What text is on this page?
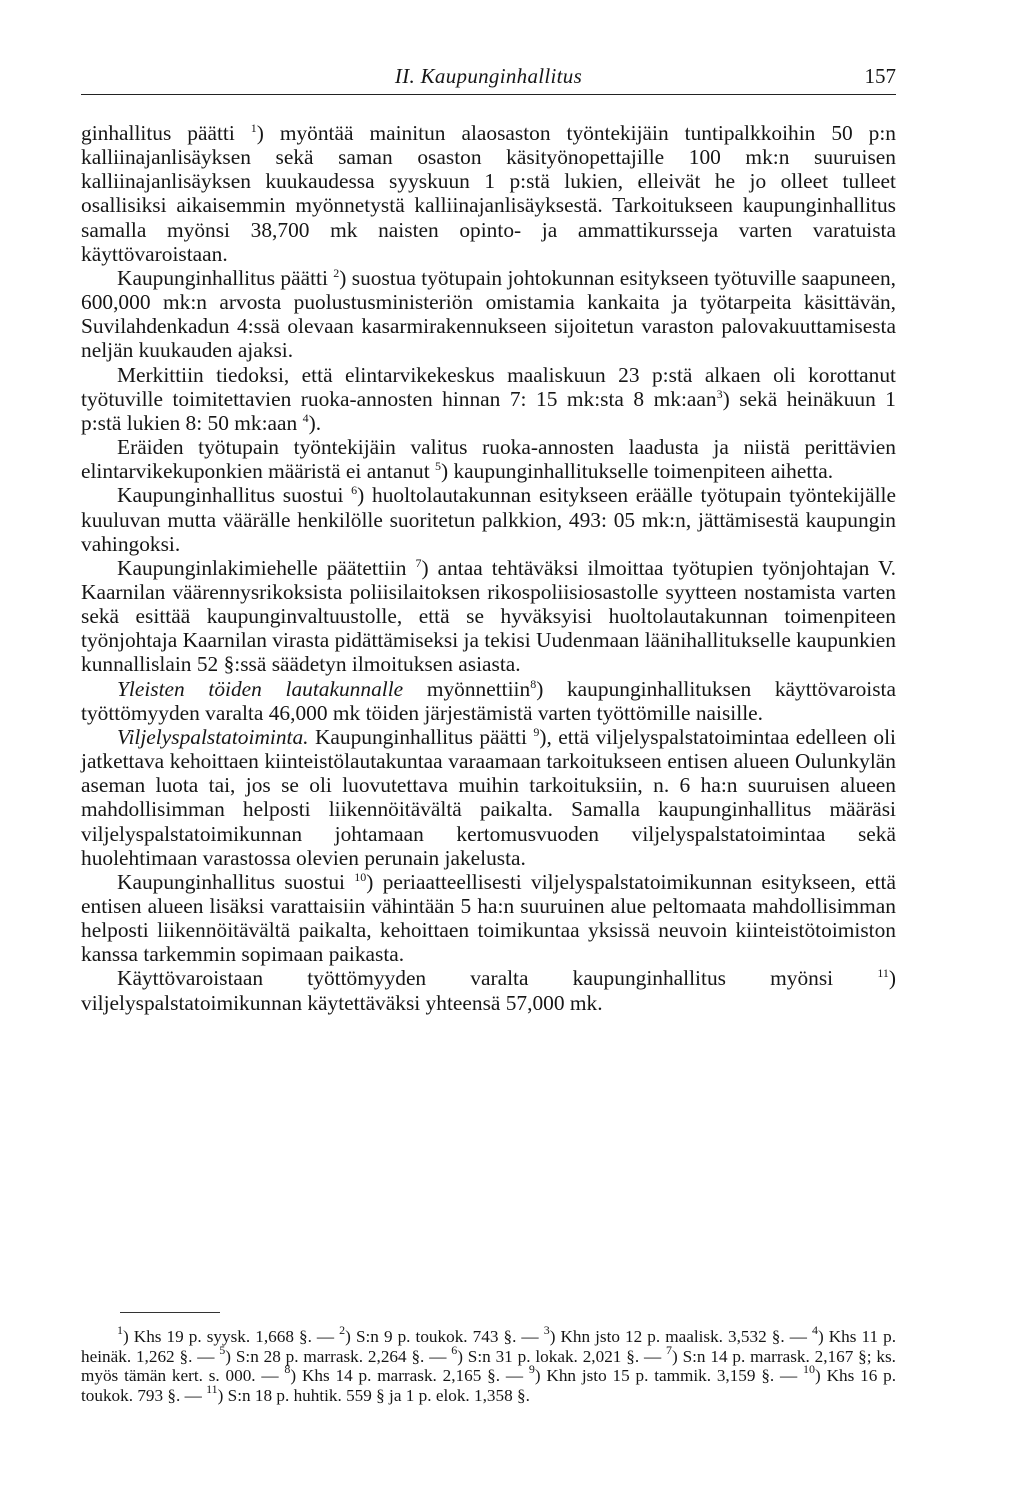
II. Kaupunginhallitus	157

ginhallitus päätti $^1$) myöntää mainitun alaosaston työntekijäin tuntipalkkoihin 50 p:n kalliinajanlisäyksen sekä saman osaston käsityönopettajille 100 mk:n suuruisen kalliinajanlisäyksen kuukaudessa syyskuun 1 p:stä lukien, elleivät he jo olleet tulleet osallisiksi aikaisemmin myönnetystä kalliinajanlisäyksestä. Tarkoitukseen kaupunginhallitus samalla myönsi 38,700 mk naisten opinto- ja ammattikursseja varten varatuista käyttövaroistaan.

Kaupunginhallitus päätti $^2$) suostua työtupain johtokunnan esitykseen työtuville saapuneen, 600,000 mk:n arvosta puolustusministeriön omistamia kankaita ja työtarpeita käsittävän, Suvilahdenkadun 4:ssä olevaan kasarmirakennukseen sijoitetun varaston palovakuuttamisesta neljän kuukauden ajaksi.

Merkittiin tiedoksi, että elintarvikekeskus maaliskuun 23 p:stä alkaen oli korottanut työtuville toimitettavien ruoka-annosten hinnan 7: 15 mk:sta 8 mk:aan$^3$) sekä heinäkuun 1 p:stä lukien 8: 50 mk:aan $^4$).

Eräiden työtupain työntekijäin valitus ruoka-annosten laadusta ja niistä perittävien elintarvikekuponkien määristä ei antanut $^5$) kaupunginhallitukselle toimenpiteen aihetta.

Kaupunginhallitus suostui $^6$) huoltolautakunnan esitykseen eräälle työtupain työntekijälle kuuluvan mutta väärälle henkilölle suoritetun palkkion, 493: 05 mk:n, jättämisestä kaupungin vahingoksi.

Kaupunginlakimiehelle päätettiin $^7$) antaa tehtäväksi ilmoittaa työtupien työnjohtajan V. Kaarnilan väärennysrikoksista poliisilaitoksen rikospoliisiosastolle syytteen nostamista varten sekä esittää kaupunginvaltuustolle, että se hyväksyisi huoltolautakunnan toimenpiteen työnjohtaja Kaarnilan virasta pidättämiseksi ja tekisi Uudenmaan läänihallitukselle kaupunkien kunnallislain 52 §:ssä säädetyn ilmoituksen asiasta.

Yleisten töiden lautakunnalle myönnettiin$^8$) kaupunginhallituksen käyttövaroista työttömyyden varalta 46,000 mk töiden järjestämistä varten työttömille naisille.

Viljelyspalstatoiminta. Kaupunginhallitus päätti $^9$), että viljelyspalstatoimintaa edelleen oli jatkettava kehoittaen kiinteistölautakuntaa varaamaan tarkoitukseen entisen alueen Oulunkylän aseman luota tai, jos se oli luovutettava muihin tarkoituksiin, n. 6 ha:n suuruisen alueen mahdollisimman helposti liikennöitävältä paikalta. Samalla kaupunginhallitus määräsi viljelyspalstatoimikunnan johtamaan kertomusvuoden viljelyspalstatoimintaa sekä huolehtimaan varastossa olevien perunain jakelusta.

Kaupunginhallitus suostui $^{10}$) periaatteellisesti viljelyspalstatoimikunnan esitykseen, että entisen alueen lisäksi varattaisiin vähintään 5 ha:n suuruinen alue peltomaata mahdollisimman helposti liikennöitävältä paikalta, kehoittaen toimikuntaa yksissä neuvoin kiinteistötoimiston kanssa tarkemmin sopimaan paikasta.

Käyttövaroistaan työttömyyden varalta kaupunginhallitus myönsi $^{11}$) viljelyspalstatoimikunnan käytettäväksi yhteensä 57,000 mk.

$^1$) Khs 19 p. syysk. 1,668 §. — $^2$) S:n 9 p. toukok. 743 §. — $^3$) Khn jsto 12 p. maalisk. 3,532 §. — $^4$) Khs 11 p. heinäk. 1,262 §. — $^5$) S:n 28 p. marrask. 2,264 §. — $^6$) S:n 31 p. lokak. 2,021 §. — $^7$) S:n 14 p. marrask. 2,167 §; ks. myös tämän kert. s. 000. — $^8$) Khs 14 p. marrask. 2,165 §. — $^9$) Khn jsto 15 p. tammik. 3,159 §. — $^{10}$) Khs 16 p. toukok. 793 §. — $^{11}$) S:n 18 p. huhtik. 559 § ja 1 p. elok. 1,358 §.
